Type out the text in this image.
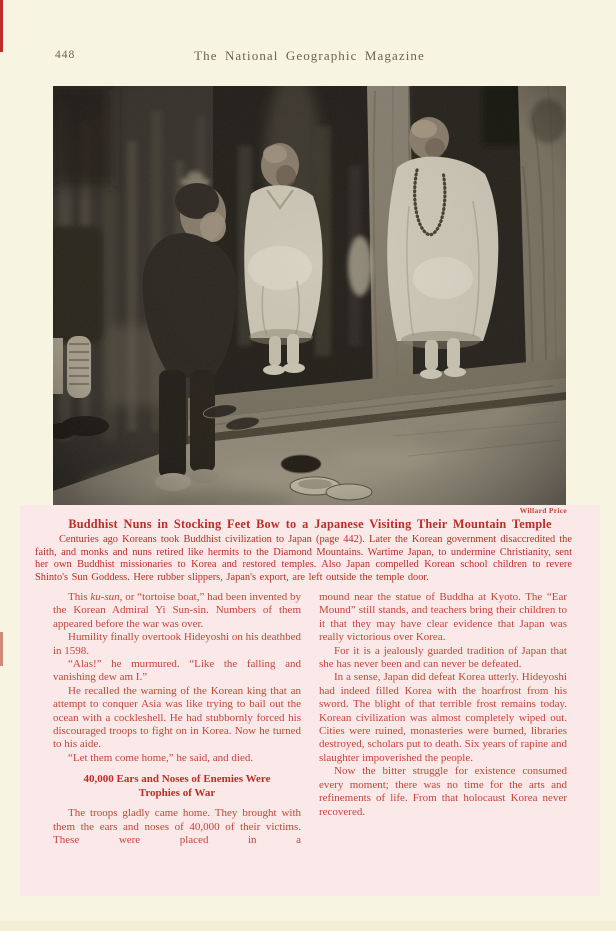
448	The National Geographic Magazine
Willard Price
Buddhist Nuns in Stocking Feet Bow to a Japanese Visiting Their Mountain Temple

Centuries ago Koreans took Buddhist civilization to Japan (page 442). Later the Korean government disaccredited the faith, and monks and nuns retired like hermits to the Diamond Mountains. Wartime Japan, to undermine Christianity, sent her own Buddhist missionaries to Korea and restored temples. Also Japan compelled Korean school children to revere Shinto's Sun Goddess. Here rubber slippers, Japan's export, are left outside the temple door.

This ku-sun, or “tortoise boat,” had been invented by the Korean Admiral Yi Sun-sin. Numbers of them appeared before the war was over.

Humility finally overtook Hideyoshi on his deathbed in 1598.

“Alas!” he murmured. “Like the falling and vanishing dew am I.”

He recalled the warning of the Korean king that an attempt to conquer Asia was like trying to bail out the ocean with a cockleshell. He had stubbornly forced his discouraged troops to fight on in Korea. Now he turned to his aide.

“Let them come home,” he said, and died.

40,000 Ears and Noses of Enemies Were Trophies of War

The troops gladly came home. They brought with them the ears and noses of 40,000 of their victims. These were placed in a

mound near the statue of Buddha at Kyoto. The “Ear Mound” still stands, and teachers bring their children to it that they may have clear evidence that Japan was really victorious over Korea.

For it is a jealously guarded tradition of Japan that she has never been and can never be defeated.

In a sense, Japan did defeat Korea utterly. Hideyoshi had indeed filled Korea with the hoarfrost from his sword. The blight of that terrible frost remains today. Korean civilization was almost completely wiped out. Cities were ruined, monasteries were burned, libraries destroyed, scholars put to death. Six years of rapine and slaughter impoverished the people.

Now the bitter struggle for existence consumed every moment; there was no time for the arts and refinements of life. From that holocaust Korea never recovered.
